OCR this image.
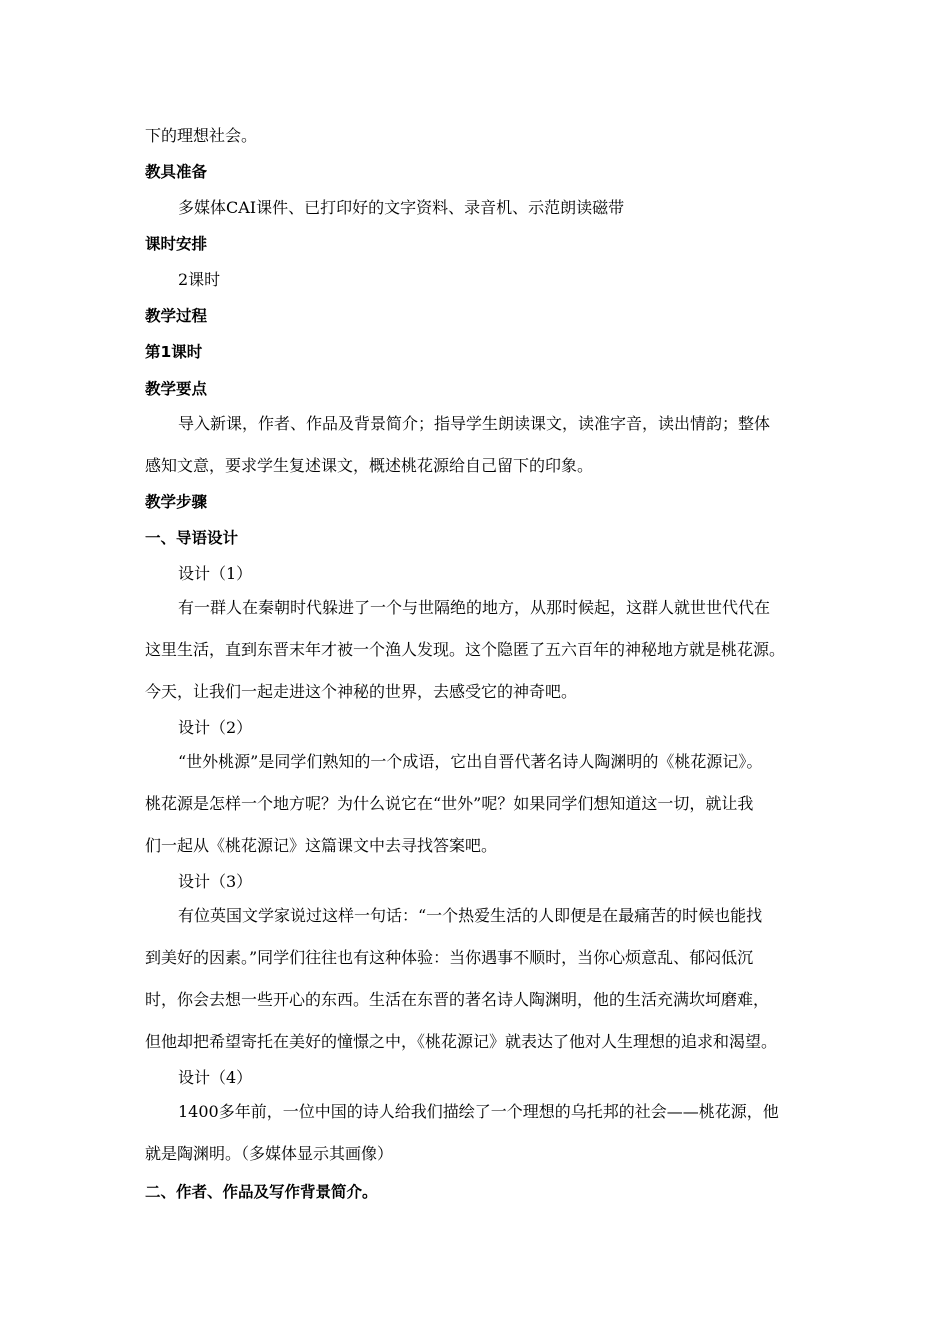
下的理想社会。
教具准备
多媒体CAI课件、已打印好的文字资料、录音机、示范朗读磁带
课时安排
2课时
教学过程
第1课时
教学要点
导入新课，作者、作品及背景简介；指导学生朗读课文，读准字音，读出情韵；整体
感知文意，要求学生复述课文，概述桃花源给自己留下的印象。
教学步骤
一、导语设计
设计（1）
有一群人在秦朝时代躲进了一个与世隔绝的地方，从那时候起，这群人就世世代代在
这里生活，直到东晋末年才被一个渔人发现。这个隐匿了五六百年的神秘地方就是桃花源。
今天，让我们一起走进这个神秘的世界，去感受它的神奇吧。
设计（2）
“世外桃源”是同学们熟知的一个成语，它出自晋代著名诗人陶渊明的《桃花源记》。
桃花源是怎样一个地方呢？为什么说它在“世外”呢？如果同学们想知道这一切，就让我
们一起从《桃花源记》这篇课文中去寻找答案吧。
设计（3）
有位英国文学家说过这样一句话：“一个热爱生活的人即便是在最痛苦的时候也能找
到美好的因素。”同学们往往也有这种体验：当你遇事不顺时，当你心烦意乱、郁闷低沉
时，你会去想一些开心的东西。生活在东晋的著名诗人陶渊明，他的生活充满坎坷磨难，
但他却把希望寄托在美好的憧憬之中，《桃花源记》就表达了他对人生理想的追求和渴望。
设计（4）
1400多年前，一位中国的诗人给我们描绘了一个理想的乌托邦的社会——桃花源，他
就是陶渊明。（多媒体显示其画像）
二、作者、作品及写作背景简介。
